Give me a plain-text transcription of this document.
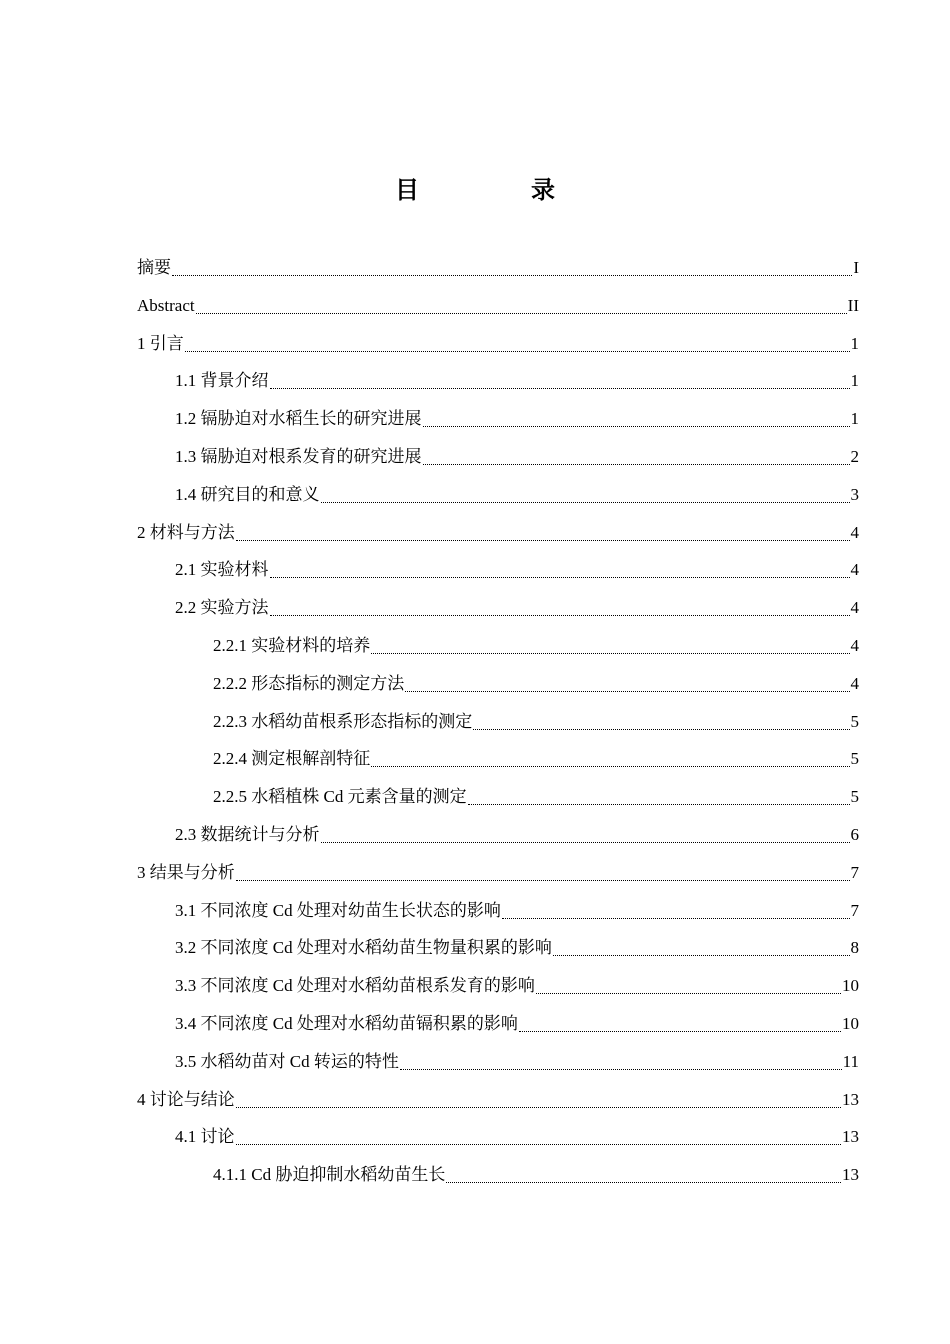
目　录
摘要	I
Abstract	II
1 引言	1
1.1 背景介绍	1
1.2 镉胁迫对水稻生长的研究进展	1
1.3 镉胁迫对根系发育的研究进展	2
1.4 研究目的和意义	3
2 材料与方法	4
2.1 实验材料	4
2.2 实验方法	4
2.2.1 实验材料的培养	4
2.2.2 形态指标的测定方法	4
2.2.3 水稻幼苗根系形态指标的测定	5
2.2.4 测定根解剖特征	5
2.2.5 水稻植株 Cd 元素含量的测定	5
2.3 数据统计与分析	6
3 结果与分析	7
3.1 不同浓度 Cd 处理对幼苗生长状态的影响	7
3.2 不同浓度 Cd 处理对水稻幼苗生物量积累的影响	8
3.3 不同浓度 Cd 处理对水稻幼苗根系发育的影响	10
3.4 不同浓度 Cd 处理对水稻幼苗镉积累的影响	10
3.5 水稻幼苗对 Cd 转运的特性	11
4 讨论与结论	13
4.1 讨论	13
4.1.1 Cd 胁迫抑制水稻幼苗生长	13
